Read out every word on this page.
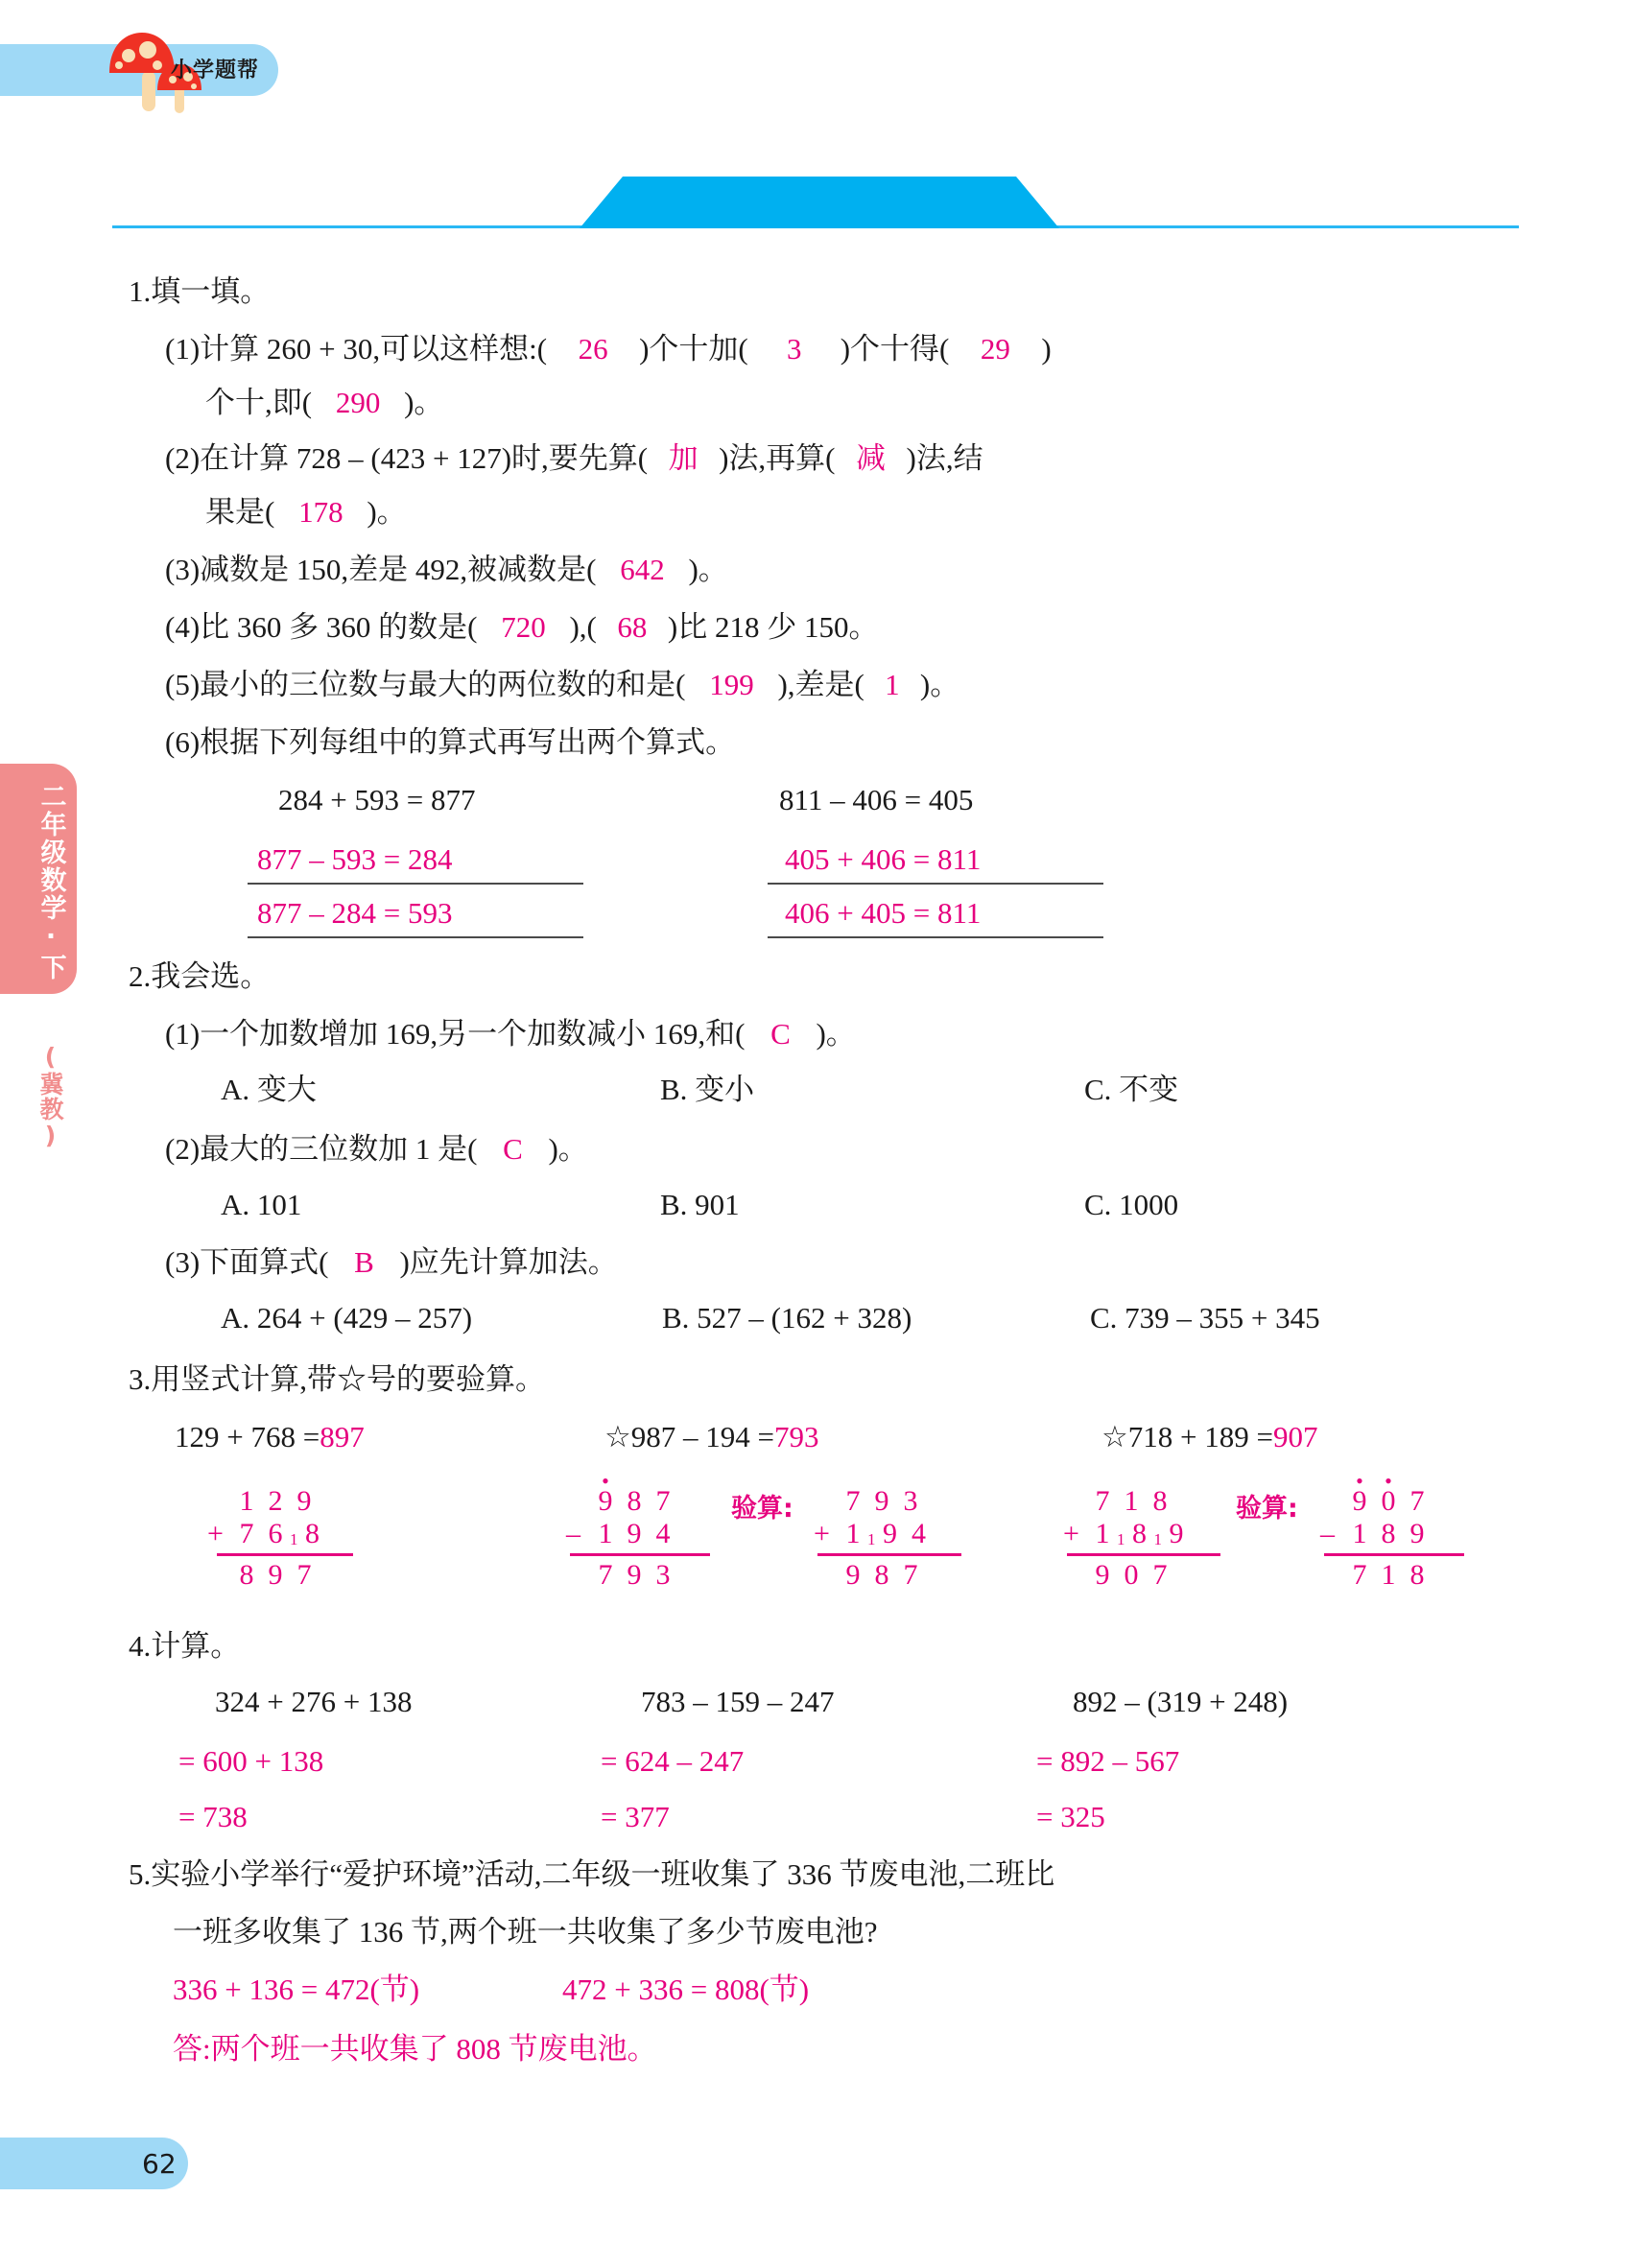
小学题帮
单元综合练
二年级数学·下
(冀教)
62
1.填一填。
(1)计算 260 + 30,可以这样想:( 26 )个十加( 3 )个十得( 29 )
个十,即( 290 )。
(2)在计算 728 – (423 + 127)时,要先算( 加 )法,再算( 减 )法,结
果是( 178 )。
(3)减数是 150,差是 492,被减数是( 642 )。
(4)比 360 多 360 的数是( 720 ),( 68 )比 218 少 150。
(5)最小的三位数与最大的两位数的和是( 199 ),差是( 1 )。
(6)根据下列每组中的算式再写出两个算式。
284 + 593 = 877
877 – 593 = 284
877 – 284 = 593
811 – 406 = 405
405 + 406 = 811
406 + 405 = 811
2.我会选。
(1)一个加数增加 169,另一个加数减小 169,和( C )。
A. 变大	B. 变小	C. 不变
(2)最大的三位数加 1 是( C )。
A. 101	B. 901	C. 1000
(3)下面算式( B )应先计算加法。
A. 264 + (429 – 257)	B. 527 – (162 + 328)	C. 739 – 355 + 345
3.用竖式计算,带☆号的要验算。
129 + 768 =897	☆987 – 194 =793	☆718 + 189 =907
1 2 9
+ 7 6 1 8
8 9 7
• 9 8 7
– 1 9 4
7 9 3
验算:	7 9 3
+ 1 1 9 4
9 8 7
7 1 8
+ 1 1 8 1 9
9 0 7
验算:	• 9 • 0 7
– 1 8 9
7 1 8
4.计算。
324 + 276 + 138
= 600 + 138
= 738
783 – 159 – 247
= 624 – 247
= 377
892 – (319 + 248)
= 892 – 567
= 325
5.实验小学举行“爱护环境”活动,二年级一班收集了 336 节废电池,二班比
一班多收集了 136 节,两个班一共收集了多少节废电池?
336 + 136 = 472(节)	472 + 336 = 808(节)
答:两个班一共收集了 808 节废电池。
